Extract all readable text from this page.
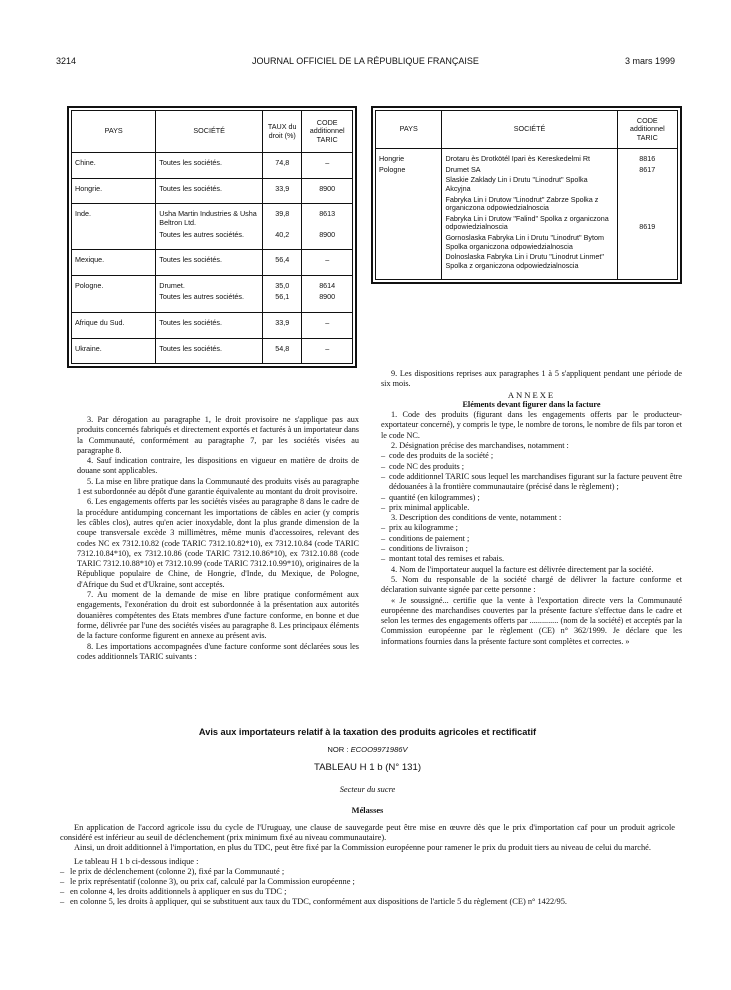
3214	JOURNAL OFFICIEL DE LA RÉPUBLIQUE FRANÇAISE	3 mars 1999
PAYS	SOCIÉTÉ	TAUX du droit (%)	CODE additionnel TARIC
Chine.	Toutes les sociétés.	74,8	–
Hongrie.	Toutes les sociétés.	33,9	8900
Inde.	Usha Martin Industries & Usha Beltron Ltd.	39,8	8613
	Toutes les autres sociétés.	40,2	8900
Mexique.	Toutes les sociétés.	56,4	–
Pologne.	Drumet.	35,0	8614
	Toutes les autres sociétés.	56,1	8900
Afrique du Sud.	Toutes les sociétés.	33,9	–
Ukraine.	Toutes les sociétés.	54,8	–
PAYS	SOCIÉTÉ	CODE additionnel TARIC
Hongrie	Drotaru ès Drotkötél Ipari ès Kereskedelmi Rt	8816
Pologne	Drumet SA	8617
	Slaskie Zaklady Lin i Drutu "Linodrut" Spolka Akcyjna	
	Fabryka Lin i Drutow "Linodrut" Zabrze Spolka z organiczona odpowiedzialnoscia	
	Fabryka Lin i Drutow "Falind" Spolka z organiczona odpowiedzialnoscia	8619
	Gornoslaska Fabryka Lin i Drutu "Linodrut" Bytom Spolka organiczona odpowiedzialnoscia	
	Dolnoslaska Fabryka Lin i Drutu "Linodrut Linmet" Spolka z organiczona odpowiedzialnoscia	

3. Par dérogation au paragraphe 1, le droit provisoire ne s'applique pas aux produits concernés fabriqués et directement exportés et facturés à un importateur dans la Communauté, conformément au paragraphe 7, par les sociétés visées au paragraphe 8.

4. Sauf indication contraire, les dispositions en vigueur en matière de droits de douane sont applicables.

5. La mise en libre pratique dans la Communauté des produits visés au paragraphe 1 est subordonnée au dépôt d'une garantie équivalente au montant du droit provisoire.

6. Les engagements offerts par les sociétés visées au paragraphe 8 dans le cadre de la procédure antidumping concernant les importations de câbles en acier (y compris les câbles clos), autres qu'en acier inoxydable, dont la plus grande dimension de la coupe transversale excède 3 millimètres, même munis d'accessoires, relevant des codes NC ex 7312.10.82 (code TARIC 7312.10.82*10), ex 7312.10.84 (code TARIC 7312.10.84*10), ex 7312.10.86 (code TARIC 7312.10.86*10), ex 7312.10.88 (code TARIC 7312.10.88*10) et 7312.10.99 (code TARIC 7312.10.99*10), originaires de la République populaire de Chine, de Hongrie, d'Inde, du Mexique, de Pologne, d'Afrique du Sud et d'Ukraine, sont acceptés.

7. Au moment de la demande de mise en libre pratique conformément aux engagements, l'exonération du droit est subordonnée à la présentation aux autorités douanières compétentes des Etats membres d'une facture conforme, en bonne et due forme, délivrée par l'une des sociétés visées au paragraphe 8. Les principaux éléments de la facture conforme figurent en annexe au présent avis.

8. Les importations accompagnées d'une facture conforme sont déclarées sous les codes additionnels TARIC suivants :

9. Les dispositions reprises aux paragraphes 1 à 5 s'appliquent pendant une période de six mois.

ANNEXE

Eléments devant figurer dans la facture

1. Code des produits (figurant dans les engagements offerts par le producteur-exportateur concerné), y compris le type, le nombre de torons, le nombre de fils par toron et le code NC.

2. Désignation précise des marchandises, notamment :

– code des produits de la société ;

– code NC des produits ;

– code additionnel TARIC sous lequel les marchandises figurant sur la facture peuvent être dédouanées à la frontière communautaire (précisé dans le règlement) ;

– quantité (en kilogrammes) ;

– prix minimal applicable.

3. Description des conditions de vente, notamment :

– prix au kilogramme ;

– conditions de paiement ;

– conditions de livraison ;

– montant total des remises et rabais.

4. Nom de l'importateur auquel la facture est délivrée directement par la société.

5. Nom du responsable de la société chargé de délivrer la facture conforme et déclaration suivante signée par cette personne :

« Je soussigné... certifie que la vente à l'exportation directe vers la Communauté européenne des marchandises couvertes par la présente facture s'effectue dans le cadre et selon les termes des engagements offerts par .............. (nom de la société) et acceptés par la Commission européenne par le règlement (CE) n° 362/1999. Je déclare que les informations fournies dans la présente facture sont complètes et correctes. »

Avis aux importateurs relatif à la taxation des produits agricoles et rectificatif
NOR : ECOO9971986V
TABLEAU H 1 b (N° 131)
Secteur du sucre
Mélasses

En application de l'accord agricole issu du cycle de l'Uruguay, une clause de sauvegarde peut être mise en œuvre dès que le prix d'importation caf pour un produit agricole considéré est inférieur au seuil de déclenchement (prix minimum fixé au niveau communautaire).

Ainsi, un droit additionnel à l'importation, en plus du TDC, peut être fixé par la Commission européenne pour ramener le prix du produit tiers au niveau de celui du marché.

Le tableau H 1 b ci-dessous indique :

– le prix de déclenchement (colonne 2), fixé par la Communauté ;

– le prix représentatif (colonne 3), ou prix caf, calculé par la Commission européenne ;

– en colonne 4, les droits additionnels à appliquer en sus du TDC ;

– en colonne 5, les droits à appliquer, qui se substituent aux taux du TDC, conformément aux dispositions de l'article 5 du règlement (CE) n° 1422/95.
